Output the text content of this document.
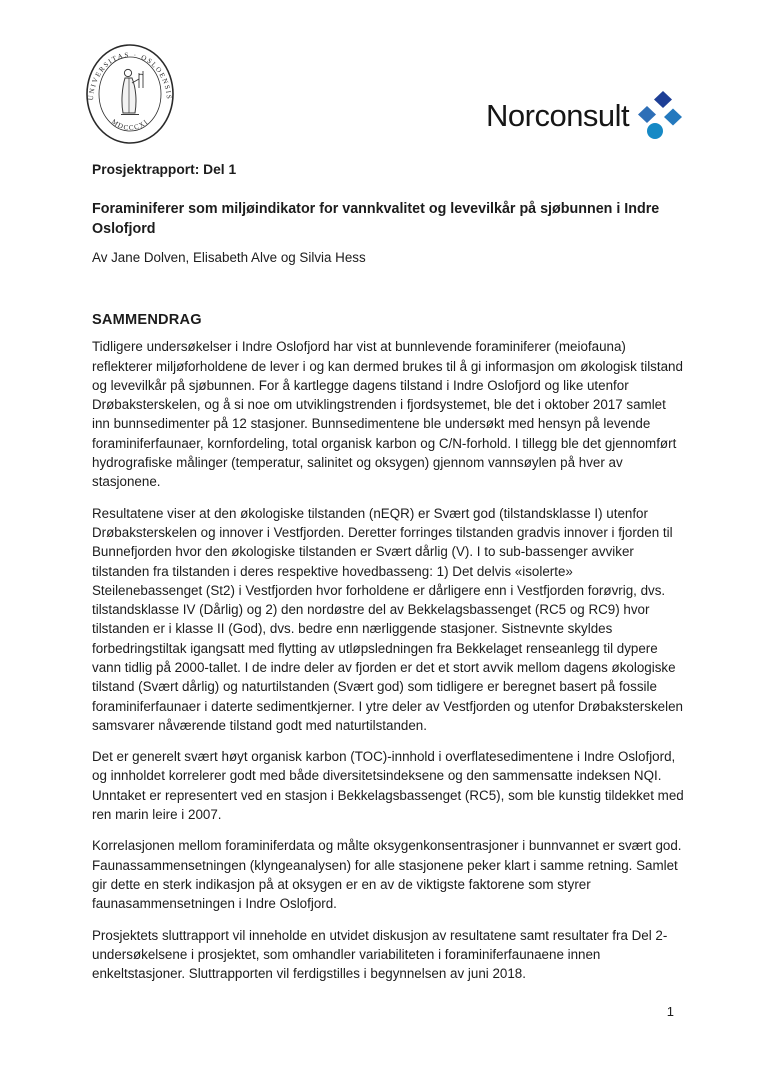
UNIVERSITAS · OSLOENSIS
MDCCCXI	Norconsult

Prosjektrapport: Del 1

Foraminiferer som miljøindikator for vannkvalitet og levevilkår på sjøbunnen i Indre Oslofjord

Av Jane Dolven, Elisabeth Alve og Silvia Hess

SAMMENDRAG

Tidligere undersøkelser i Indre Oslofjord har vist at bunnlevende foraminiferer (meiofauna) reflekterer miljøforholdene de lever i og kan dermed brukes til å gi informasjon om økologisk tilstand og levevilkår på sjøbunnen. For å kartlegge dagens tilstand i Indre Oslofjord og like utenfor Drøbaksterskelen, og å si noe om utviklingstrenden i fjordsystemet, ble det i oktober 2017 samlet inn bunnsedimenter på 12 stasjoner. Bunnsedimentene ble undersøkt med hensyn på levende foraminiferfaunaer, kornfordeling, total organisk karbon og C/N-forhold. I tillegg ble det gjennomført hydrografiske målinger (temperatur, salinitet og oksygen) gjennom vannsøylen på hver av stasjonene.

Resultatene viser at den økologiske tilstanden (nEQR) er Svært god (tilstandsklasse I) utenfor Drøbaksterskelen og innover i Vestfjorden. Deretter forringes tilstanden gradvis innover i fjorden til Bunnefjorden hvor den økologiske tilstanden er Svært dårlig (V). I to sub-bassenger avviker tilstanden fra tilstanden i deres respektive hovedbasseng: 1) Det delvis «isolerte» Steilenebassenget (St2) i Vestfjorden hvor forholdene er dårligere enn i Vestfjorden forøvrig, dvs. tilstandsklasse IV (Dårlig) og 2) den nordøstre del av Bekkelagsbassenget (RC5 og RC9) hvor tilstanden er i klasse II (God), dvs. bedre enn nærliggende stasjoner. Sistnevnte skyldes forbedringstiltak igangsatt med flytting av utløpsledningen fra Bekkelaget renseanlegg til dypere vann tidlig på 2000-tallet. I de indre deler av fjorden er det et stort avvik mellom dagens økologiske tilstand (Svært dårlig) og naturtilstanden (Svært god) som tidligere er beregnet basert på fossile foraminiferfaunaer i daterte sedimentkjerner. I ytre deler av Vestfjorden og utenfor Drøbaksterskelen samsvarer nåværende tilstand godt med naturtilstanden.

Det er generelt svært høyt organisk karbon (TOC)-innhold i overflatesedimentene i Indre Oslofjord, og innholdet korrelerer godt med både diversitetsindeksene og den sammensatte indeksen NQI. Unntaket er representert ved en stasjon i Bekkelagsbassenget (RC5), som ble kunstig tildekket med ren marin leire i 2007.

Korrelasjonen mellom foraminiferdata og målte oksygenkonsentrasjoner i bunnvannet er svært god. Faunassammensetningen (klyngeanalysen) for alle stasjonene peker klart i samme retning. Samlet gir dette en sterk indikasjon på at oksygen er en av de viktigste faktorene som styrer faunasammensetningen i Indre Oslofjord.

Prosjektets sluttrapport vil inneholde en utvidet diskusjon av resultatene samt resultater fra Del 2-undersøkelsene i prosjektet, som omhandler variabiliteten i foraminiferfaunaene innen enkeltstasjoner. Sluttrapporten vil ferdigstilles i begynnelsen av juni 2018.

1
